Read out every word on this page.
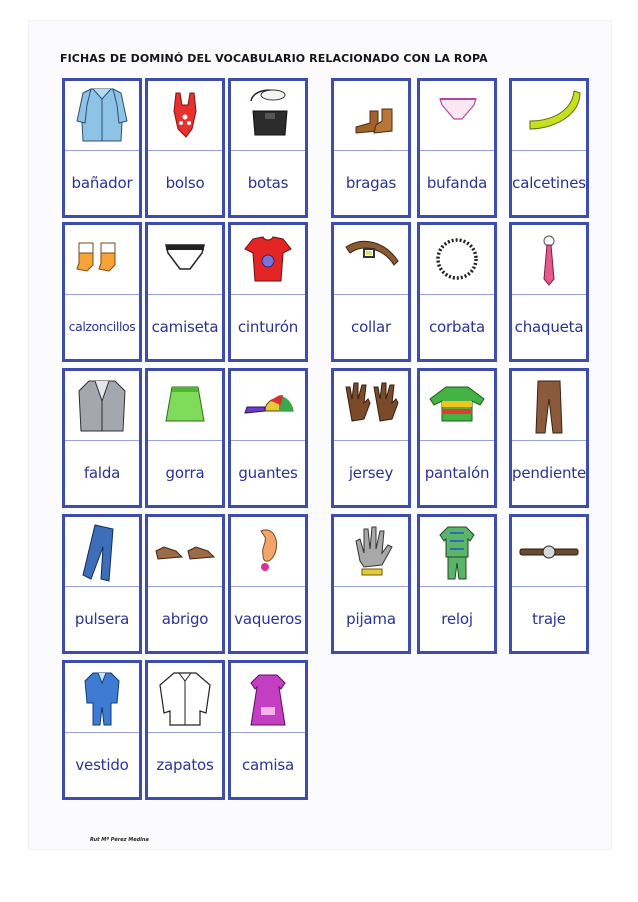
FICHAS DE DOMINÓ DEL VOCABULARIO RELACIONADO CON LA ROPA
bañador	bolso	botas	bragas	bufanda	calcetines
calzoncillos camiseta	cinturón	collar	corbata	chaqueta
falda	gorra	guantes	jersey	pantalón	pendiente
pulsera	abrigo	vaqueros	pijama	reloj	traje
vestido	zapatos	camisa
Rut Mª Pérez Medina
